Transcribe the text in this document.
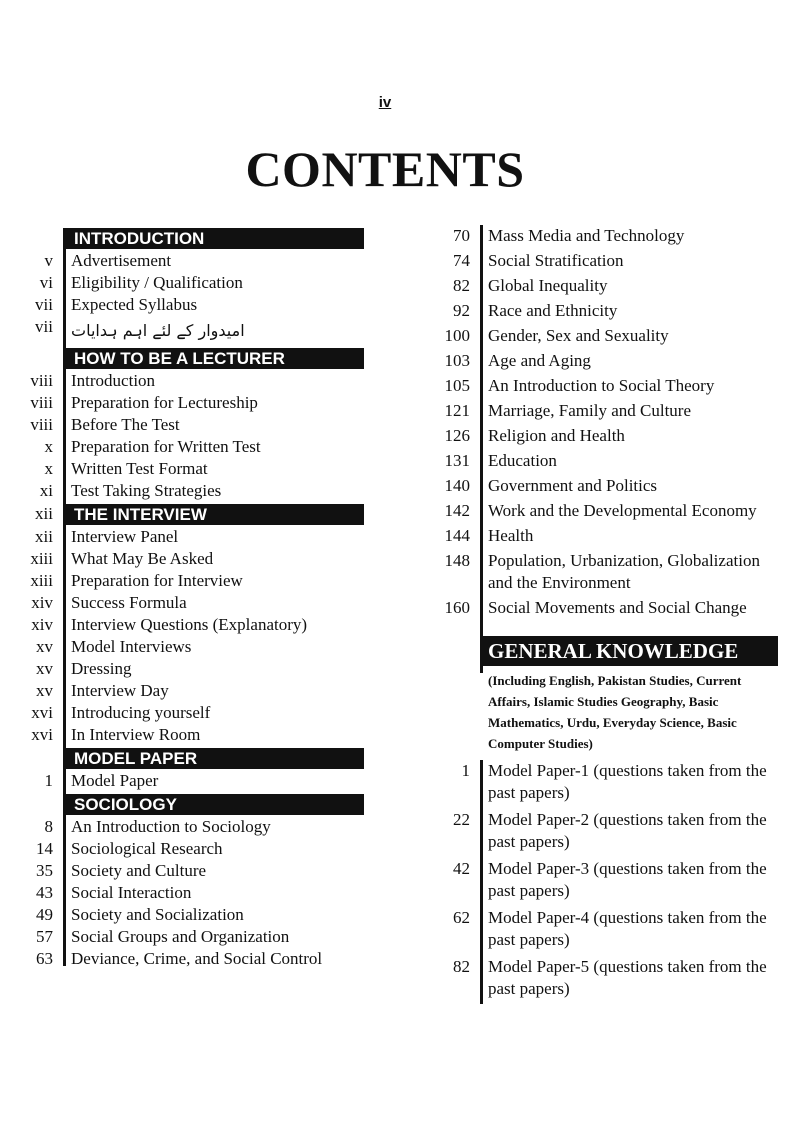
iv
CONTENTS
INTRODUCTION
v	Advertisement
vi	Eligibility / Qualification
vii	Expected Syllabus
vii	امیدوار کے لئے اہم ہدایات
HOW TO BE A LECTURER
viii	Introduction
viii	Preparation for Lectureship
viii	Before The Test
x	Preparation for Written Test
x	Written Test Format
xi	Test Taking Strategies
xii	THE INTERVIEW
xii	Interview Panel
xiii	What May Be Asked
xiii	Preparation for Interview
xiv	Success Formula
xiv	Interview Questions (Explanatory)
xv	Model Interviews
xv	Dressing
xv	Interview Day
xvi	Introducing yourself
xvi	In Interview Room
MODEL PAPER
1	Model Paper
SOCIOLOGY
8	An Introduction to Sociology
14	Sociological Research
35	Society and Culture
43	Social Interaction
49	Society and Socialization
57	Social Groups and Organization
63	Deviance, Crime, and Social Control
70	Mass Media and Technology
74	Social Stratification
82	Global Inequality
92	Race and Ethnicity
100	Gender, Sex and Sexuality
103	Age and Aging
105	An Introduction to Social Theory
121	Marriage, Family and Culture
126	Religion and Health
131	Education
140	Government and Politics
142	Work and the Developmental Economy
144	Health
148	Population, Urbanization, Globalization and the Environment
160	Social Movements and Social Change
GENERAL KNOWLEDGE
(Including English, Pakistan Studies, Current Affairs, Islamic Studies Geography, Basic Mathematics, Urdu, Everyday Science, Basic Computer Studies)
1	Model Paper-1 (questions taken from the past papers)
22	Model Paper-2 (questions taken from the past papers)
42	Model Paper-3 (questions taken from the past papers)
62	Model Paper-4 (questions taken from the past papers)
82	Model Paper-5 (questions taken from the past papers)
